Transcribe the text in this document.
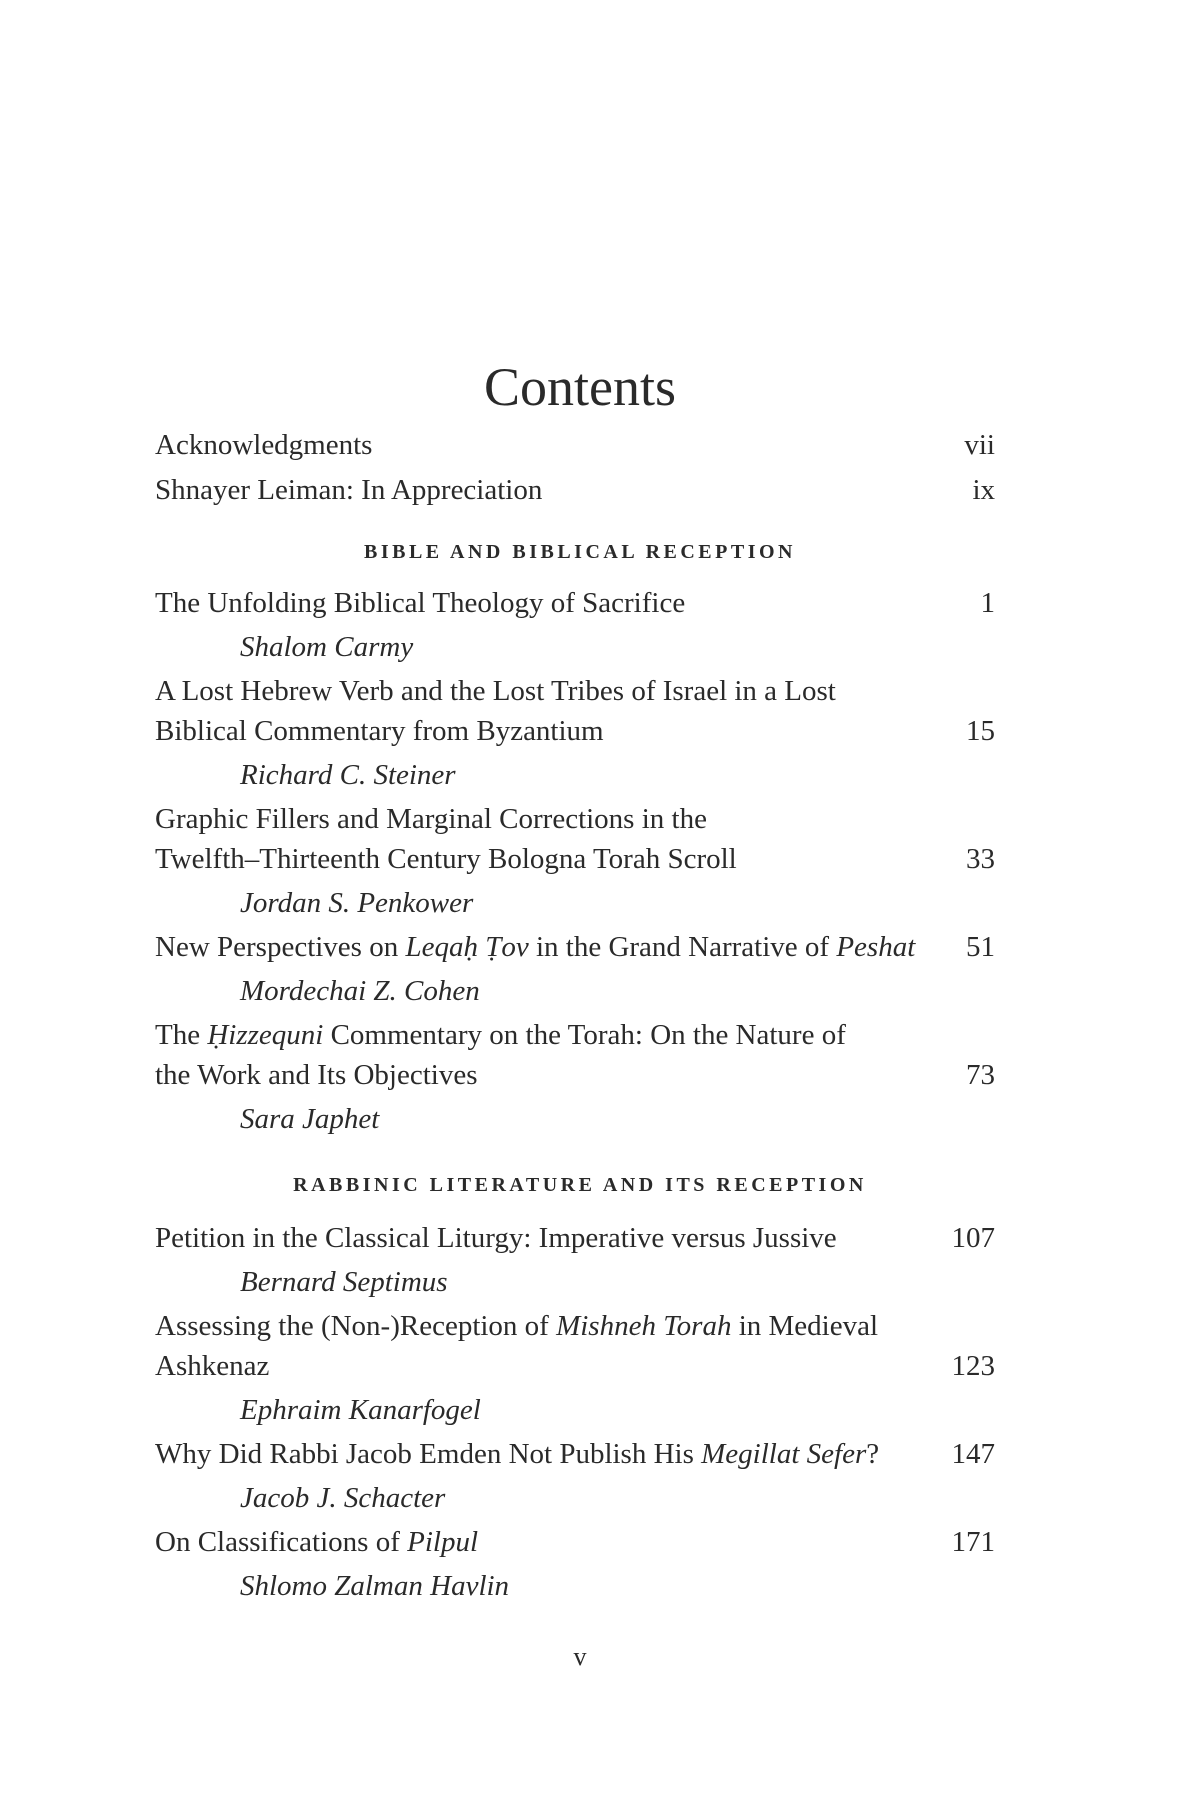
Contents
Acknowledgments	vii
Shnayer Leiman: In Appreciation	ix
BIBLE AND BIBLICAL RECEPTION
The Unfolding Biblical Theology of Sacrifice	1
Shalom Carmy
A Lost Hebrew Verb and the Lost Tribes of Israel in a Lost
Biblical Commentary from Byzantium	15
Richard C. Steiner
Graphic Fillers and Marginal Corrections in the
Twelfth–Thirteenth Century Bologna Torah Scroll	33
Jordan S. Penkower
New Perspectives on Leqaḥ Ṭov in the Grand Narrative of Peshat 51
Mordechai Z. Cohen
The Ḥizzequni Commentary on the Torah: On the Nature of
the Work and Its Objectives	73
Sara Japhet
RABBINIC LITERATURE AND ITS RECEPTION
Petition in the Classical Liturgy: Imperative versus Jussive	107
Bernard Septimus
Assessing the (Non-)Reception of Mishneh Torah in Medieval
Ashkenaz	123
Ephraim Kanarfogel
Why Did Rabbi Jacob Emden Not Publish His Megillat Sefer? 147
Jacob J. Schacter
On Classifications of Pilpul	171
Shlomo Zalman Havlin
v
